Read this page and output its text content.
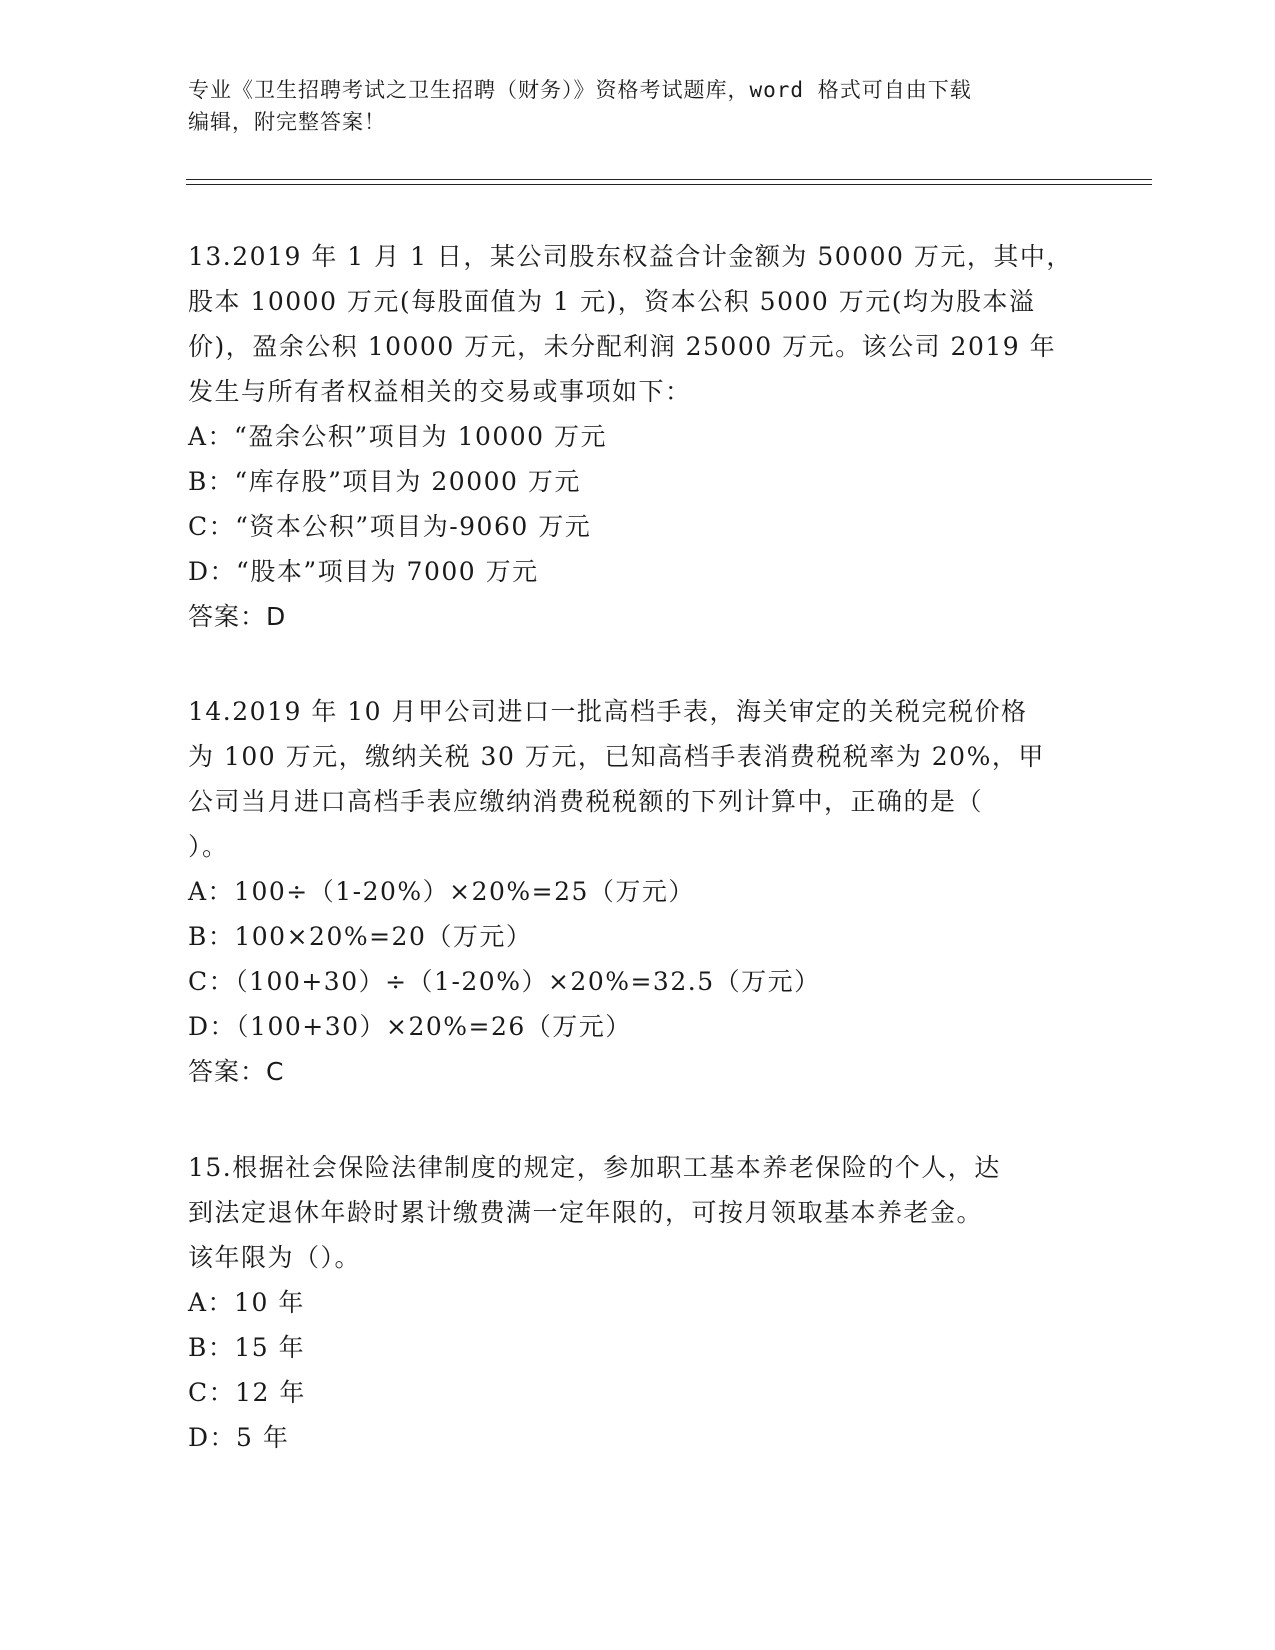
专业《卫生招聘考试之卫生招聘（财务）》资格考试题库，word 格式可自由下载
编辑，附完整答案！
13.2019 年 1 月 1 日，某公司股东权益合计金额为 50000 万元，其中，
股本 10000 万元(每股面值为 1 元)，资本公积 5000 万元(均为股本溢
价)，盈余公积 10000 万元，未分配利润 25000 万元。该公司 2019 年
发生与所有者权益相关的交易或事项如下：
A：“盈余公积”项目为 10000 万元
B：“库存股”项目为 20000 万元
C：“资本公积”项目为-9060 万元
D：“股本”项目为 7000 万元
答案：D
14.2019 年 10 月甲公司进口一批高档手表，海关审定的关税完税价格
为 100 万元，缴纳关税 30 万元，已知高档手表消费税税率为 20%，甲
公司当月进口高档手表应缴纳消费税税额的下列计算中，正确的是（
）。
A：100÷（1-20%）×20%=25（万元）
B：100×20%=20（万元）
C：（100+30）÷（1-20%）×20%=32.5（万元）
D：（100+30）×20%=26（万元）
答案：C
15.根据社会保险法律制度的规定，参加职工基本养老保险的个人，达
到法定退休年龄时累计缴费满一定年限的，可按月领取基本养老金。
该年限为（）。
A：10 年
B：15 年
C：12 年
D：5 年
